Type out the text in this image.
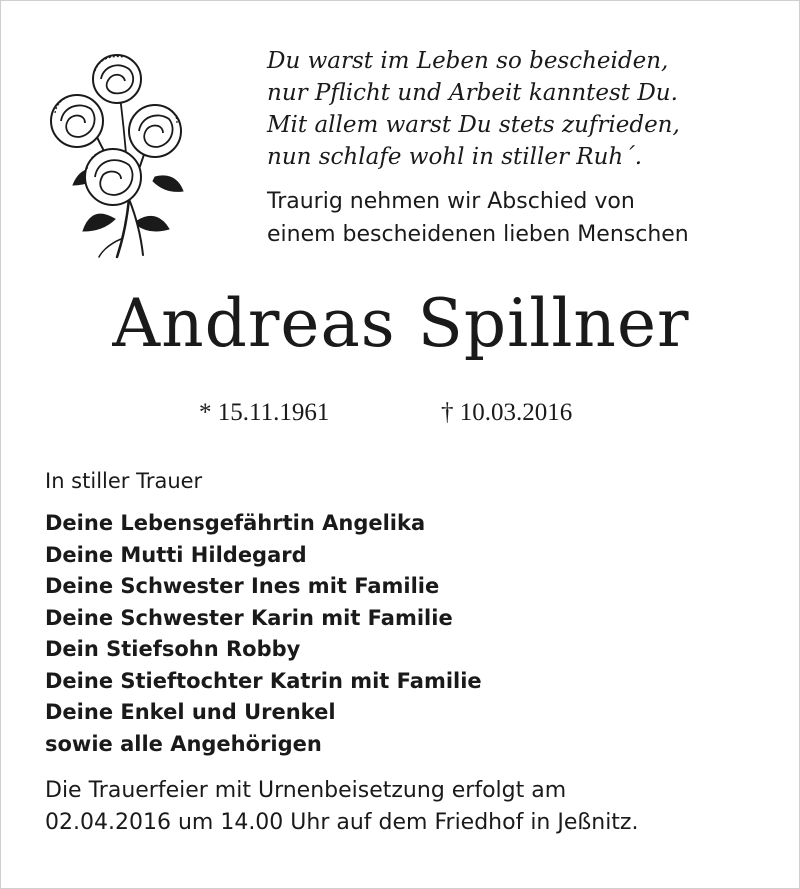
Du warst im Leben so bescheiden,
nur Pflicht und Arbeit kanntest Du.
Mit allem warst Du stets zufrieden,
nun schlafe wohl in stiller Ruh´.
Traurig nehmen wir Abschied von
einem bescheidenen lieben Menschen
Andreas Spillner
* 15.11.1961	† 10.03.2016
In stiller Trauer
Deine Lebensgefährtin Angelika
Deine Mutti Hildegard
Deine Schwester Ines mit Familie
Deine Schwester Karin mit Familie
Dein Stiefsohn Robby
Deine Stieftochter Katrin mit Familie
Deine Enkel und Urenkel
sowie alle Angehörigen
Die Trauerfeier mit Urnenbeisetzung erfolgt am
02.04.2016 um 14.00 Uhr auf dem Friedhof in Jeßnitz.
